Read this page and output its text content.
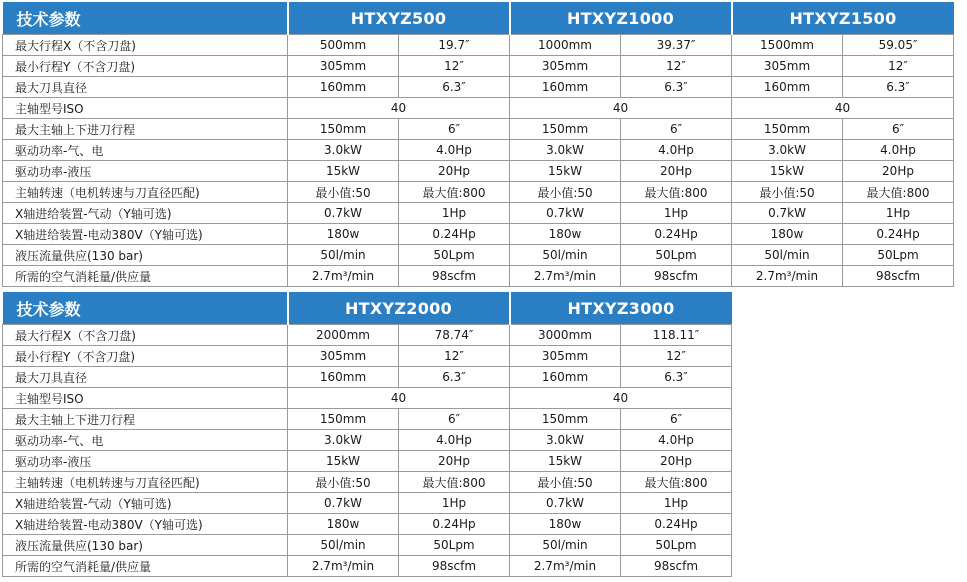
技术参数	HTXYZ500		HTXYZ1000		HTXYZ1500	
最大行程X（不含刀盘)	500mm	19.7″	1000mm	39.37″	1500mm	59.05″
最小行程Y（不含刀盘)	305mm	12″	305mm	12″	305mm	12″
最大刀具直径	160mm	6.3″	160mm	6.3″	160mm	6.3″
主轴型号ISO	40		40		40	
最大主轴上下进刀行程	150mm	6″	150mm	6″	150mm	6″
驱动功率-气、电	3.0kW	4.0Hp	3.0kW	4.0Hp	3.0kW	4.0Hp
驱动功率-液压	15kW	20Hp	15kW	20Hp	15kW	20Hp
主轴转速（电机转速与刀直径匹配)	最小值:50	最大值:800	最小值:50	最大值:800	最小值:50	最大值:800
X轴进给装置-气动（Y轴可选)	0.7kW	1Hp	0.7kW	1Hp	0.7kW	1Hp
X轴进给装置-电动380V（Y轴可选)	180w	0.24Hp	180w	0.24Hp	180w	0.24Hp
液压流量供应(130 bar)	50l/min	50Lpm	50l/min	50Lpm	50l/min	50Lpm
所需的空气消耗量/供应量	2.7m³/min	98scfm	2.7m³/min	98scfm	2.7m³/min	98scfm
技术参数	HTXYZ2000		HTXYZ3000	
最大行程X（不含刀盘)	2000mm	78.74″	3000mm	118.11″
最小行程Y（不含刀盘)	305mm	12″	305mm	12″
最大刀具直径	160mm	6.3″	160mm	6.3″
主轴型号ISO	40		40	
最大主轴上下进刀行程	150mm	6″	150mm	6″
驱动功率-气、电	3.0kW	4.0Hp	3.0kW	4.0Hp
驱动功率-液压	15kW	20Hp	15kW	20Hp
主轴转速（电机转速与刀直径匹配)	最小值:50	最大值:800	最小值:50	最大值:800
X轴进给装置-气动（Y轴可选)	0.7kW	1Hp	0.7kW	1Hp
X轴进给装置-电动380V（Y轴可选)	180w	0.24Hp	180w	0.24Hp
液压流量供应(130 bar)	50l/min	50Lpm	50l/min	50Lpm
所需的空气消耗量/供应量	2.7m³/min	98scfm	2.7m³/min	98scfm
